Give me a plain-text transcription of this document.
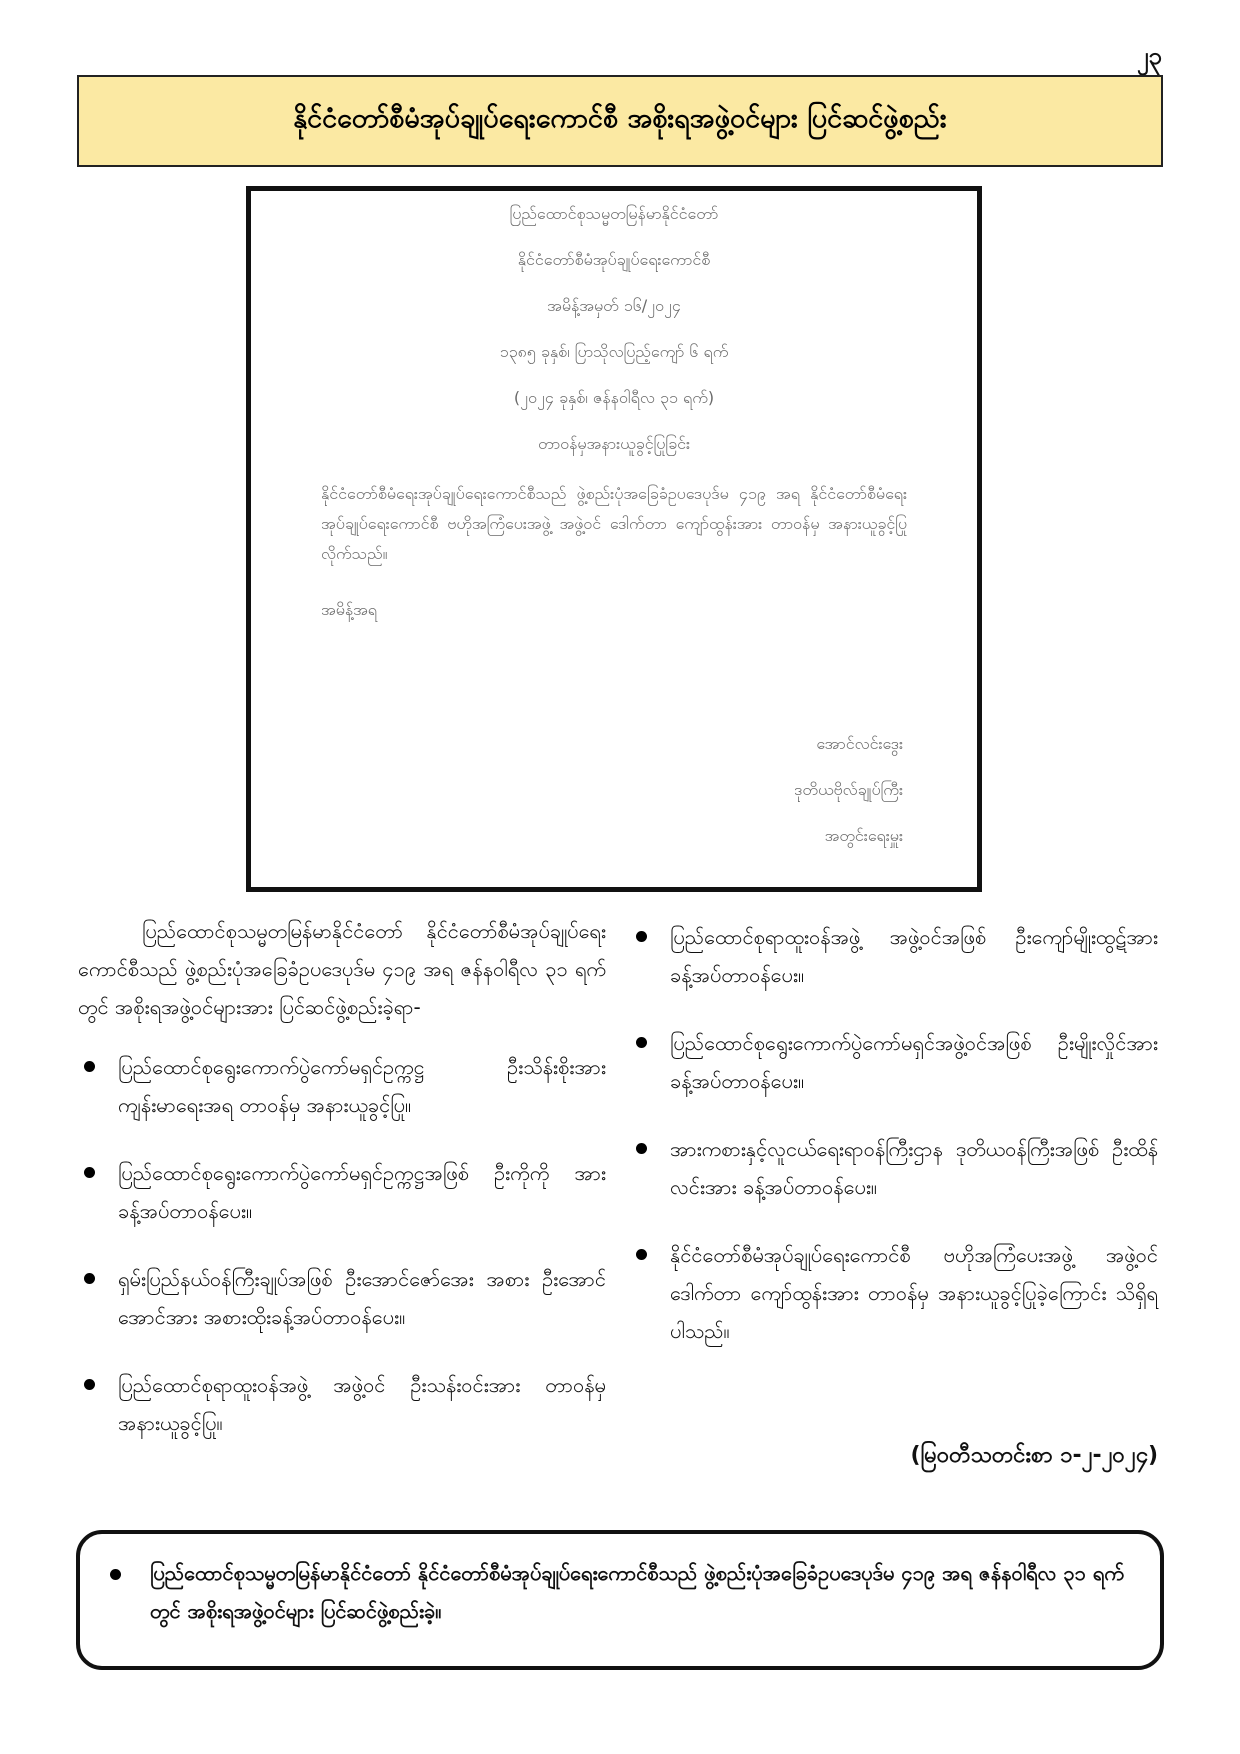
၂၃
နိုင်ငံတော်စီမံအုပ်ချုပ်ရေးကောင်စီ အစိုးရအဖွဲ့ဝင်များ ပြင်ဆင်ဖွဲ့စည်း
ပြည်ထောင်စုသမ္မတမြန်မာနိုင်ငံတော်
နိုင်ငံတော်စီမံအုပ်ချုပ်ရေးကောင်စီ
အမိန့်အမှတ် ၁၆/၂၀၂၄
၁၃၈၅ ခုနှစ်၊ ပြာသိုလပြည့်ကျော် ၆ ရက်
(၂၀၂၄ ခုနှစ်၊ ဇန်နဝါရီလ ၃၁ ရက်)
တာဝန်မှအနားယူခွင့်ပြုခြင်း

နိုင်ငံတော်စီမံရေးအုပ်ချုပ်ရေးကောင်စီသည် ဖွဲ့စည်းပုံအခြေခံဥပဒေပုဒ်မ ၄၁၉ အရ နိုင်ငံတော်စီမံရေးအုပ်ချုပ်ရေးကောင်စီ ဗဟိုအကြံပေးအဖွဲ့ အဖွဲ့ဝင် ဒေါက်တာ ကျော်ထွန်းအား တာဝန်မှ အနားယူခွင့်ပြုလိုက်သည်။

အမိန့်အရ
အောင်လင်းဒွေး
ဒုတိယဗိုလ်ချုပ်ကြီး
အတွင်းရေးမှူး

ပြည်ထောင်စုသမ္မတမြန်မာနိုင်ငံတော် နိုင်ငံတော်စီမံအုပ်ချုပ်ရေးကောင်စီသည် ဖွဲ့စည်းပုံအခြေခံဥပဒေပုဒ်မ ၄၁၉ အရ ဇန်နဝါရီလ ၃၁ ရက်တွင် အစိုးရအဖွဲ့ဝင်များအား ပြင်ဆင်ဖွဲ့စည်းခဲ့ရာ-

ပြည်ထောင်စုရွေးကောက်ပွဲကော်မရှင်ဥက္ကဋ္ဌ ဦးသိန်းစိုးအား ကျန်းမာရေးအရ တာဝန်မှ အနားယူခွင့်ပြု။
ပြည်ထောင်စုရွေးကောက်ပွဲကော်မရှင်ဥက္ကဋ္ဌအဖြစ် ဦးကိုကို အား ခန့်အပ်တာဝန်ပေး။
ရှမ်းပြည်နယ်ဝန်ကြီးချုပ်အဖြစ် ဦးအောင်ဇော်အေး အစား ဦးအောင်အောင်အား အစားထိုးခန့်အပ်တာဝန်ပေး။
ပြည်ထောင်စုရာထူးဝန်အဖွဲ့ အဖွဲ့ဝင် ဦးသန်းဝင်းအား တာဝန်မှ အနားယူခွင့်ပြု။
ပြည်ထောင်စုရာထူးဝန်အဖွဲ့ အဖွဲ့ဝင်အဖြစ် ဦးကျော်မျိုးထွဋ်အား ခန့်အပ်တာဝန်ပေး။
ပြည်ထောင်စုရွေးကောက်ပွဲကော်မရှင်အဖွဲ့ဝင်အဖြစ် ဦးမျိုးလှိုင်အား ခန့်အပ်တာဝန်ပေး။
အားကစားနှင့်လူငယ်ရေးရာဝန်ကြီးဌာန ဒုတိယဝန်ကြီးအဖြစ် ဦးထိန်လင်းအား ခန့်အပ်တာဝန်ပေး။
နိုင်ငံတော်စီမံအုပ်ချုပ်ရေးကောင်စီ ဗဟိုအကြံပေးအဖွဲ့ အဖွဲ့ဝင် ဒေါက်တာ ကျော်ထွန်းအား တာဝန်မှ အနားယူခွင့်ပြုခဲ့ကြောင်း သိရှိရပါသည်။
(မြဝတီသတင်းစာ ၁-၂-၂၀၂၄)
ပြည်ထောင်စုသမ္မတမြန်မာနိုင်ငံတော် နိုင်ငံတော်စီမံအုပ်ချုပ်ရေးကောင်စီသည် ဖွဲ့စည်းပုံအခြေခံဥပဒေပုဒ်မ ၄၁၉ အရ ဇန်နဝါရီလ ၃၁ ရက်တွင် အစိုးရအဖွဲ့ဝင်များ ပြင်ဆင်ဖွဲ့စည်းခဲ့။
